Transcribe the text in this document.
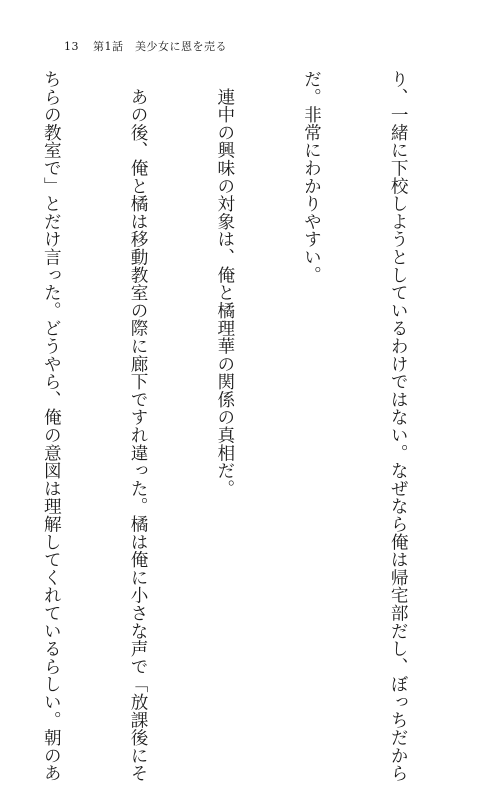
13 第1話　美少女に恩を売る

り、一緒に下校しようとしているわけではない。なぜなら俺は帰宅部だし、ぼっちだから

だ。非常にわかりやすい。

　連中の興味の対象は、俺と橘理華の関係の真相だ。

　あの後、俺と橘は移動教室の際に廊下ですれ違った。橘は俺に小さな声で「放課後にそ

ちらの教室で」とだけ言った。どうやら、俺の意図は理解してくれているらしい。朝のあ
